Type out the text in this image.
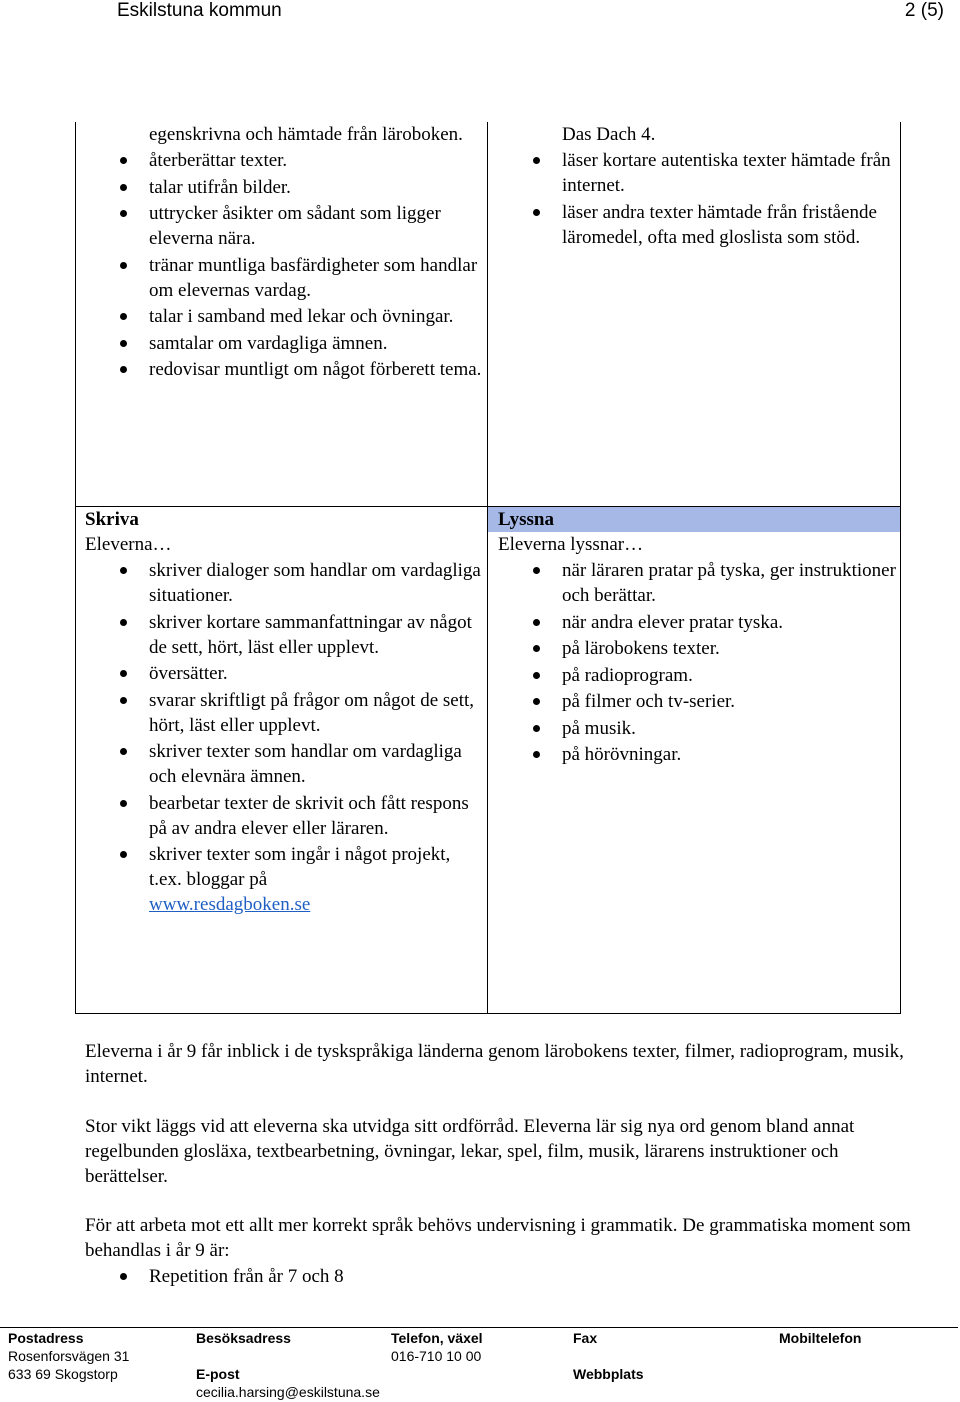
Eskilstuna kommun	2 (5)
egenskrivna och hämtade från läroboken.
återberättar texter.
talar utifrån bilder.
uttrycker åsikter om sådant som ligger eleverna nära.
tränar muntliga basfärdigheter som handlar om elevernas vardag.
talar i samband med lekar och övningar.
samtalar om vardagliga ämnen.
redovisar muntligt om något förberett tema.
Das Dach 4.
läser kortare autentiska texter hämtade från internet.
läser andra texter hämtade från fristående läromedel, ofta med gloslista som stöd.
Skriva
Eleverna…
skriver dialoger som handlar om vardagliga situationer.
skriver kortare sammanfattningar av något de sett, hört, läst eller upplevt.
översätter.
svarar skriftligt på frågor om något de sett, hört, läst eller upplevt.
skriver texter som handlar om vardagliga och elevnära ämnen.
bearbetar texter de skrivit och fått respons på av andra elever eller läraren.
skriver texter som ingår i något projekt, t.ex. bloggar på
www.resdagboken.se
Lyssna
Eleverna lyssnar…
när läraren pratar på tyska, ger instruktioner och berättar.
när andra elever pratar tyska.
på lärobokens texter.
på radioprogram.
på filmer och tv-serier.
på musik.
på hörövningar.
Eleverna i år 9 får inblick i de tyskspråkiga länderna genom lärobokens texter, filmer, radioprogram, musik, internet.
Stor vikt läggs vid att eleverna ska utvidga sitt ordförråd. Eleverna lär sig nya ord genom bland annat regelbunden glosläxa, textbearbetning, övningar, lekar, spel, film, musik, lärarens instruktioner och berättelser.
För att arbeta mot ett allt mer korrekt språk behövs undervisning i grammatik. De grammatiska moment som behandlas i år 9 är:
Repetition från år 7 och 8
Postadress
Rosenforsvägen 31
633 69 Skogstorp
Besöksadress

E-post
cecilia.harsing@eskilstuna.se
Telefon, växel
016-710 10 00
Fax

Webbplats
Mobiltelefon
